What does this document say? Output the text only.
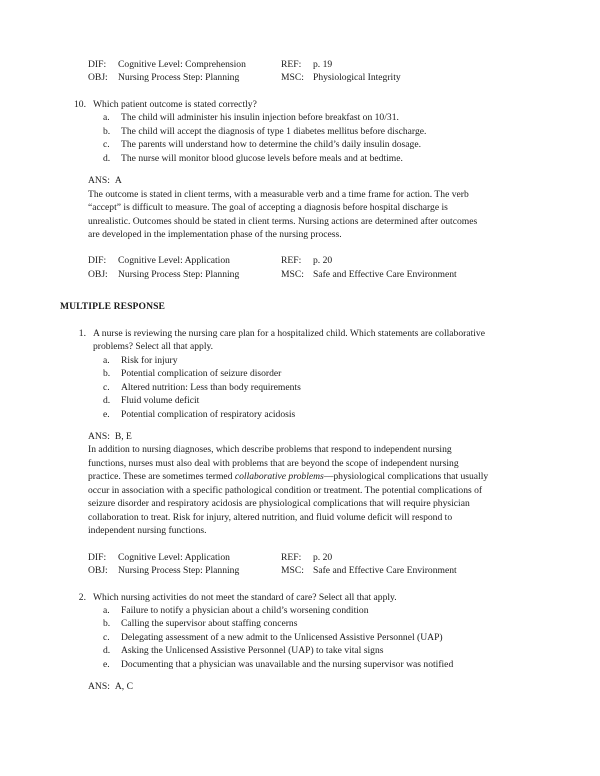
DIF:	Cognitive Level: Comprehension	REF:	p. 19
OBJ:	Nursing Process Step: Planning	MSC: Physiological Integrity
10. Which patient outcome is stated correctly?
a.	The child will administer his insulin injection before breakfast on 10/31.
b.	The child will accept the diagnosis of type 1 diabetes mellitus before discharge.
c.	The parents will understand how to determine the child’s daily insulin dosage.
d.	The nurse will monitor blood glucose levels before meals and at bedtime.
ANS: A
The outcome is stated in client terms, with a measurable verb and a time frame for action. The verb “accept” is difficult to measure. The goal of accepting a diagnosis before hospital discharge is unrealistic. Outcomes should be stated in client terms. Nursing actions are determined after outcomes are developed in the implementation phase of the nursing process.
DIF:	Cognitive Level: Application	REF:	p. 20
OBJ:	Nursing Process Step: Planning	MSC: Safe and Effective Care Environment
MULTIPLE RESPONSE
1. A nurse is reviewing the nursing care plan for a hospitalized child. Which statements are collaborative problems? Select all that apply.
a.	Risk for injury
b.	Potential complication of seizure disorder
c.	Altered nutrition: Less than body requirements
d.	Fluid volume deficit
e.	Potential complication of respiratory acidosis
ANS: B, E
In addition to nursing diagnoses, which describe problems that respond to independent nursing functions, nurses must also deal with problems that are beyond the scope of independent nursing practice. These are sometimes termed collaborative problems—physiological complications that usually occur in association with a specific pathological condition or treatment. The potential complications of seizure disorder and respiratory acidosis are physiological complications that will require physician collaboration to treat. Risk for injury, altered nutrition, and fluid volume deficit will respond to independent nursing functions.
DIF:	Cognitive Level: Application	REF:	p. 20
OBJ:	Nursing Process Step: Planning	MSC: Safe and Effective Care Environment
2. Which nursing activities do not meet the standard of care? Select all that apply.
a.	Failure to notify a physician about a child’s worsening condition
b.	Calling the supervisor about staffing concerns
c.	Delegating assessment of a new admit to the Unlicensed Assistive Personnel (UAP)
d.	Asking the Unlicensed Assistive Personnel (UAP) to take vital signs
e.	Documenting that a physician was unavailable and the nursing supervisor was notified
ANS: A, C
